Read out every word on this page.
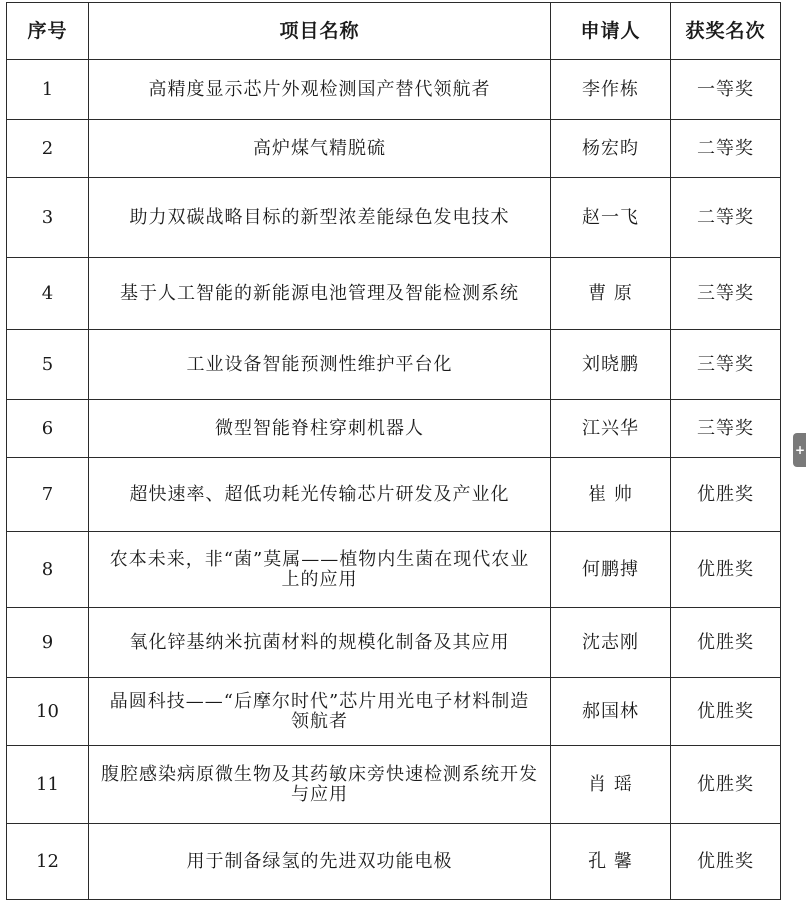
序号	项目名称	申请人	获奖名次
1	高精度显示芯片外观检测国产替代领航者	李作栋	一等奖
2	高炉煤气精脱硫	杨宏昀	二等奖
3	助力双碳战略目标的新型浓差能绿色发电技术	赵一飞	二等奖
4	基于人工智能的新能源电池管理及智能检测系统	曹 原	三等奖
5	工业设备智能预测性维护平台化	刘晓鹏	三等奖
6	微型智能脊柱穿刺机器人	江兴华	三等奖
7	超快速率、超低功耗光传输芯片研发及产业化	崔 帅	优胜奖
8	农本未来，非“菌”莫属——植物内生菌在现代农业上的应用	何鹏搏	优胜奖
9	氧化锌基纳米抗菌材料的规模化制备及其应用	沈志刚	优胜奖
10	晶圆科技——“后摩尔时代”芯片用光电子材料制造领航者	郝国林	优胜奖
11	腹腔感染病原微生物及其药敏床旁快速检测系统开发与应用	肖 瑶	优胜奖
12	用于制备绿氢的先进双功能电极	孔 馨	优胜奖
+
